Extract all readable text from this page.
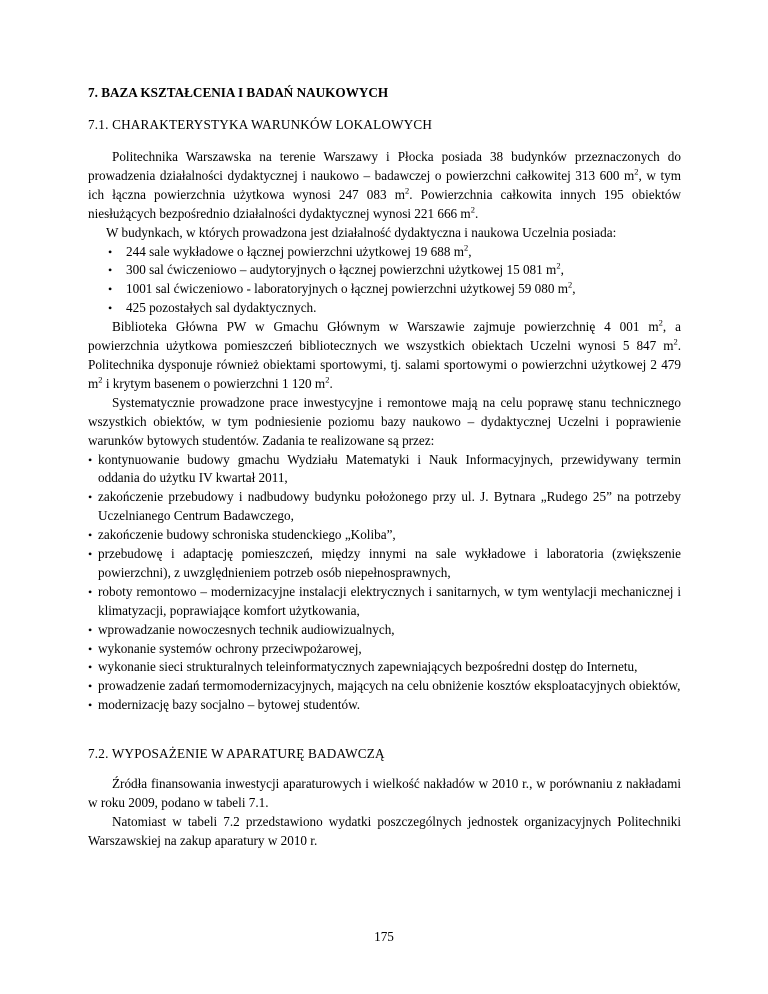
7. BAZA KSZTAŁCENIA I BADAŃ NAUKOWYCH
7.1. CHARAKTERYSTYKA WARUNKÓW LOKALOWYCH

Politechnika Warszawska na terenie Warszawy i Płocka posiada 38 budynków przeznaczonych do prowadzenia działalności dydaktycznej i naukowo – badawczej o powierzchni całkowitej 313 600 $m^2$, w tym ich łączna powierzchnia użytkowa wynosi 247 083 $m^2$. Powierzchnia całkowita innych 195 obiektów niesłużących bezpośrednio działalności dydaktycznej wynosi 221 666 $m^2$.

W budynkach, w których prowadzona jest działalność dydaktyczna i naukowa Uczelnia posiada:

• 244 sale wykładowe o łącznej powierzchni użytkowej 19 688 $m^2$,
• 300 sal ćwiczeniowo – audytoryjnych o łącznej powierzchni użytkowej 15 081 $m^2$,
• 1001 sal ćwiczeniowo - laboratoryjnych o łącznej powierzchni użytkowej 59 080 $m^2$,
• 425 pozostałych sal dydaktycznych.

Biblioteka Główna PW w Gmachu Głównym w Warszawie zajmuje powierzchnię 4 001 $m^2$, a powierzchnia użytkowa pomieszczeń bibliotecznych we wszystkich obiektach Uczelni wynosi 5 847 $m^2$. Politechnika dysponuje również obiektami sportowymi, tj. salami sportowymi o powierzchni użytkowej 2 479 $m^2$ i krytym basenem o powierzchni 1 120 $m^2$.

Systematycznie prowadzone prace inwestycyjne i remontowe mają na celu poprawę stanu technicznego wszystkich obiektów, w tym podniesienie poziomu bazy naukowo – dydaktycznej Uczelni i poprawienie warunków bytowych studentów. Zadania te realizowane są przez:

• kontynuowanie budowy gmachu Wydziału Matematyki i Nauk Informacyjnych, przewidywany termin oddania do użytku IV kwartał 2011,
• zakończenie przebudowy i nadbudowy budynku położonego przy ul. J. Bytnara „Rudego 25” na potrzeby Uczelnianego Centrum Badawczego,
• zakończenie budowy schroniska studenckiego „Koliba”,
• przebudowę i adaptację pomieszczeń, między innymi na sale wykładowe i laboratoria (zwiększenie powierzchni), z uwzględnieniem potrzeb osób niepełnosprawnych,
• roboty remontowo – modernizacyjne instalacji elektrycznych i sanitarnych, w tym wentylacji mechanicznej i klimatyzacji, poprawiające komfort użytkowania,
• wprowadzanie nowoczesnych technik audiowizualnych,
• wykonanie systemów ochrony przeciwpożarowej,
• wykonanie sieci strukturalnych teleinformatycznych zapewniających bezpośredni dostęp do Internetu,
• prowadzenie zadań termomodernizacyjnych, mających na celu obniżenie kosztów eksploatacyjnych obiektów,
• modernizację bazy socjalno – bytowej studentów.
7.2. WYPOSAŻENIE W APARATURĘ BADAWCZĄ

Źródła finansowania inwestycji aparaturowych i wielkość nakładów w 2010 r., w porównaniu z nakładami w roku 2009, podano w tabeli 7.1.

Natomiast w tabeli 7.2 przedstawiono wydatki poszczególnych jednostek organizacyjnych Politechniki Warszawskiej na zakup aparatury w 2010 r.

175
